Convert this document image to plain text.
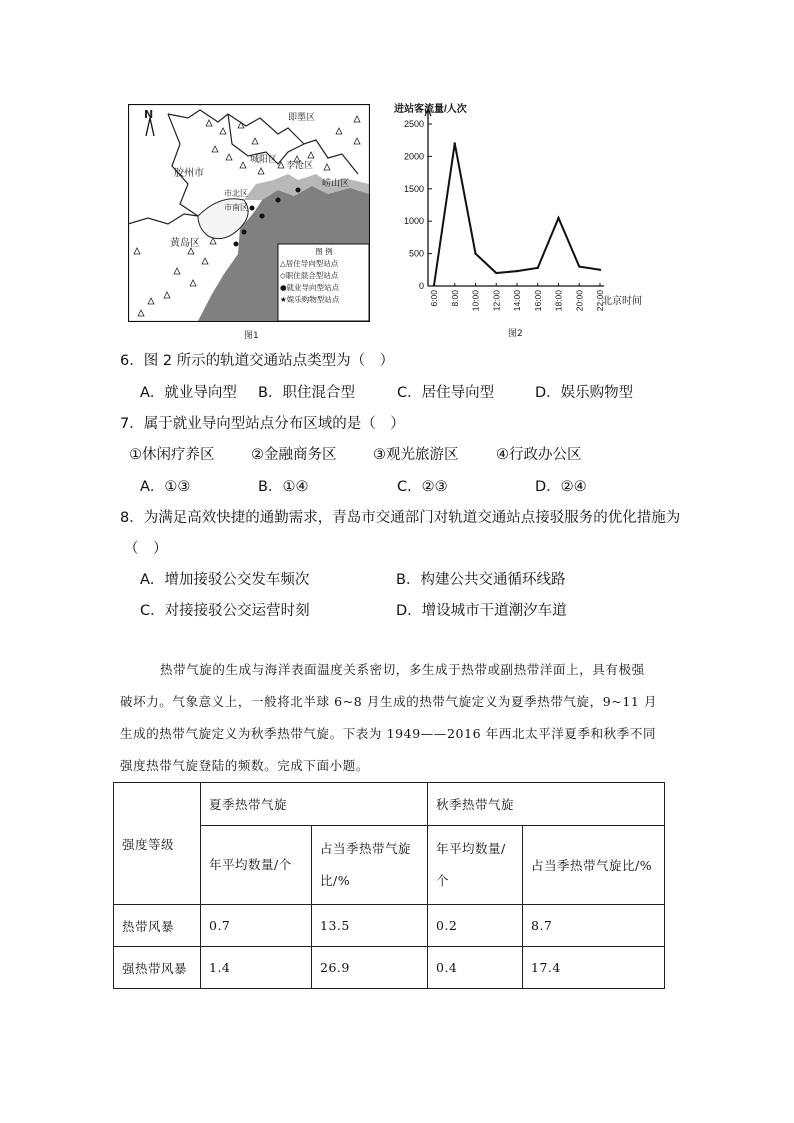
N	即墨区
胶州市
城阳区
李沧区
崂山区
市北区
市南区
黄岛区
图 例
△居住导向型站点
◇职住混合型站点
●就业导向型站点
★娱乐购物型站点
图1
0
500
1000
1500
2000
2500
6:00 8:00 10:00 12:00 14:00 16:00 18:00 20:00 22:00
进站客流量/人次
北京时间
图2
6．图 2 所示的轨道交通站点类型为（　）
A．就业导向型 B．职住混合型	C．居住导向型	D．娱乐购物型
7．属于就业导向型站点分布区域的是（　）
①休闲疗养区	②金融商务区	③观光旅游区	④行政办公区
A．①③	B．①④	C．②③	D．②④
8．为满足高效快捷的通勤需求，青岛市交通部门对轨道交通站点接驳服务的优化措施为
（　）
A．增加接驳公交发车频次	B．构建公共交通循环线路
C．对接接驳公交运营时刻	D．增设城市干道潮汐车道
热带气旋的生成与海洋表面温度关系密切，多生成于热带或副热带洋面上，具有极强
破坏力。气象意义上，一般将北半球 6~8 月生成的热带气旋定义为夏季热带气旋，9~11 月
生成的热带气旋定义为秋季热带气旋。下表为 1949——2016 年西北太平洋夏季和秋季不同
强度热带气旋登陆的频数。完成下面小题。
强度等级	夏季热带气旋		秋季热带气旋	

	年平均数量/个	占当季热带气旋比/%	年平均数量/个	占当季热带气旋比/%
热带风暴	0.7	13.5	0.2	8.7
强热带风暴	1.4	26.9	0.4	17.4
